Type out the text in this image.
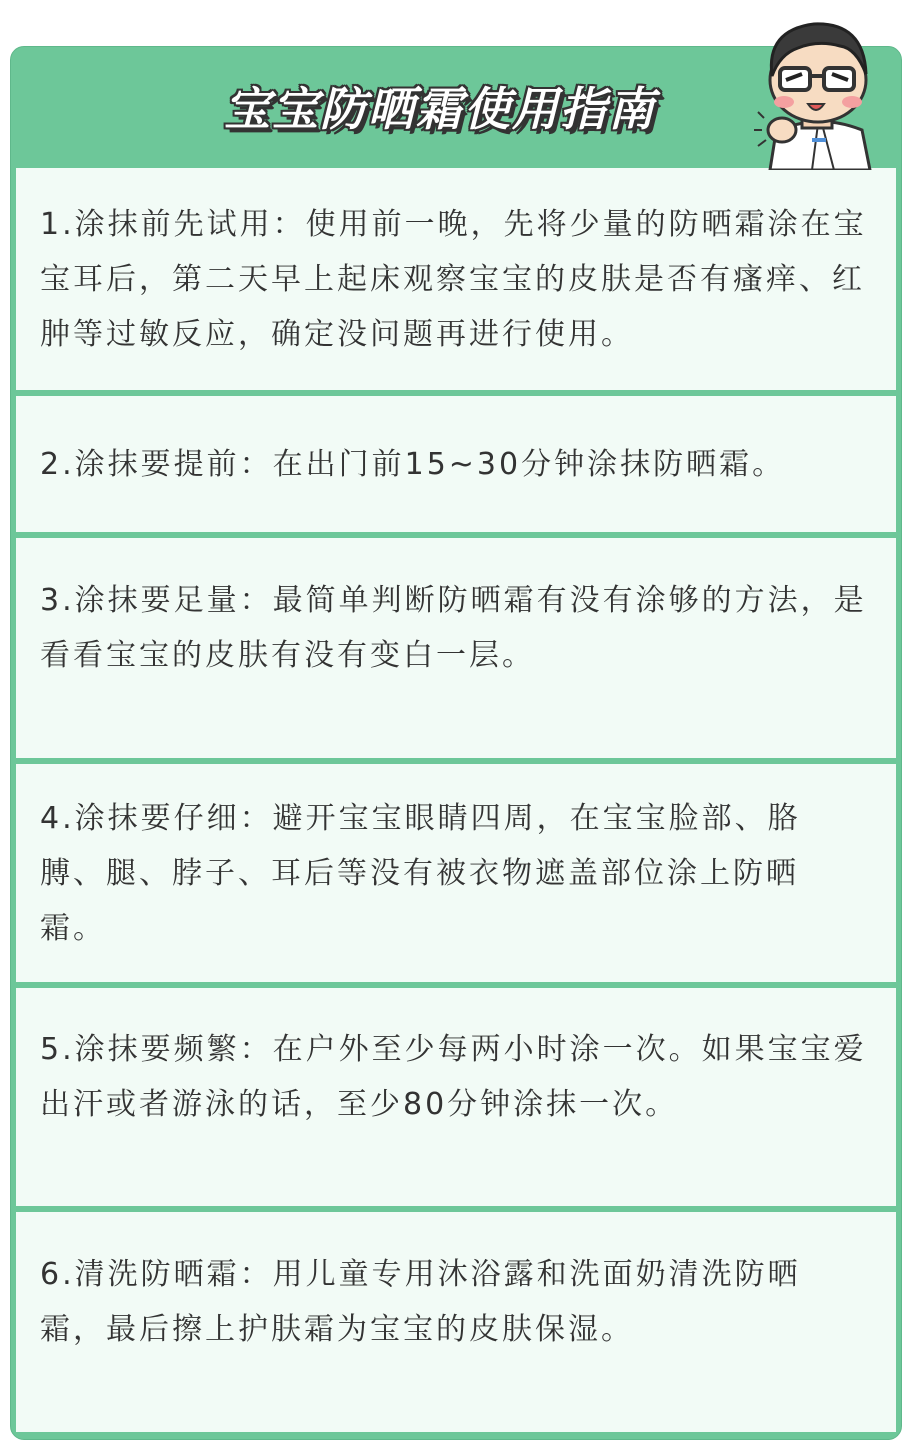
宝宝防晒霜使用指南

1.涂抹前先试用：使用前一晚，先将少量的防晒霜涂在宝宝耳后，第二天早上起床观察宝宝的皮肤是否有瘙痒、红肿等过敏反应，确定没问题再进行使用。

2.涂抹要提前：在出门前15~30分钟涂抹防晒霜。

3.涂抹要足量：最简单判断防晒霜有没有涂够的方法，是看看宝宝的皮肤有没有变白一层。

4.涂抹要仔细：避开宝宝眼睛四周，在宝宝脸部、胳膊、腿、脖子、耳后等没有被衣物遮盖部位涂上防晒霜。

5.涂抹要频繁：在户外至少每两小时涂一次。如果宝宝爱出汗或者游泳的话，至少80分钟涂抹一次。

6.清洗防晒霜：用儿童专用沐浴露和洗面奶清洗防晒霜，最后擦上护肤霜为宝宝的皮肤保湿。
